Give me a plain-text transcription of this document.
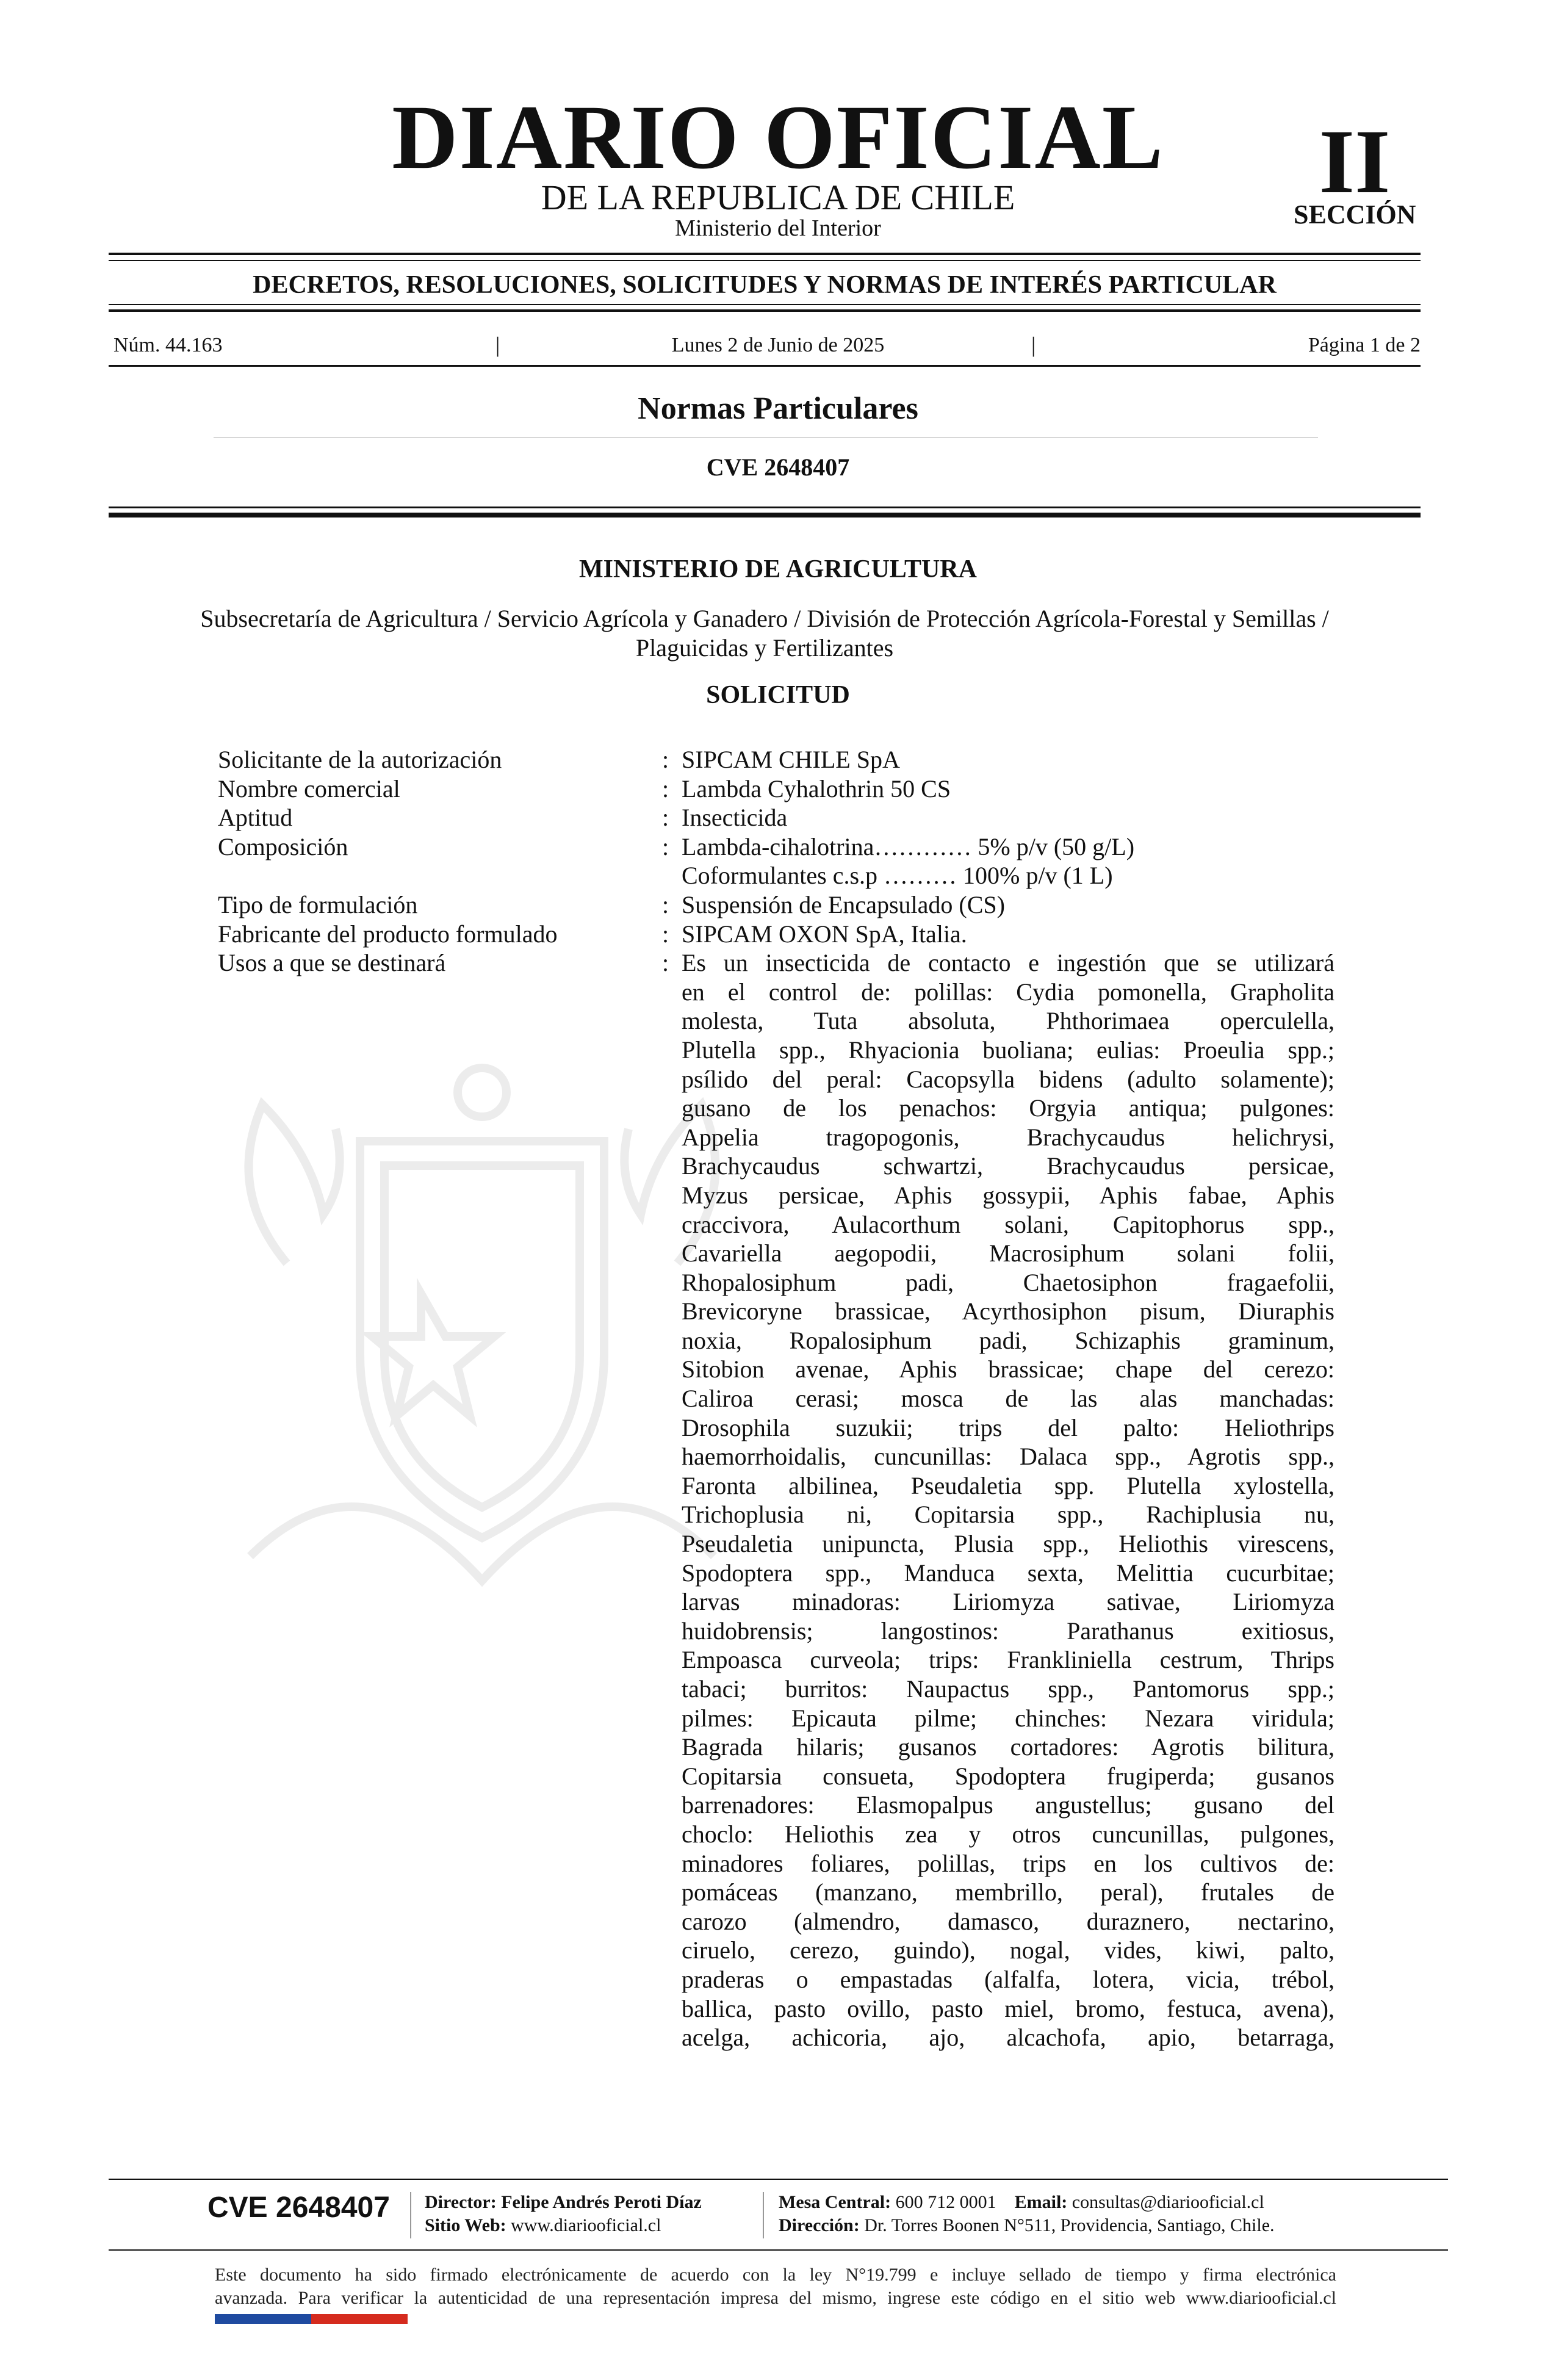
DIARIO OFICIAL
DE LA REPUBLICA DE CHILE
Ministerio del Interior
II
SECCIÓN
DECRETOS, RESOLUCIONES, SOLICITUDES Y NORMAS DE INTERÉS PARTICULAR
Núm. 44.163	|	Lunes 2 de Junio de 2025	|	Página 1 de 2
Normas Particulares
CVE 2648407
MINISTERIO DE AGRICULTURA
Subsecretaría de Agricultura / Servicio Agrícola y Ganadero / División de Protección Agrícola-Forestal y Semillas /
Plaguicidas y Fertilizantes
SOLICITUD
Solicitante de la autorización	: SIPCAM CHILE SpA
Nombre comercial	: Lambda Cyhalothrin 50 CS
Aptitud	: Insecticida
Composición	: Lambda-cihalotrina………… 5% p/v (50 g/L)
Coformulantes c.s.p ……… 100% p/v (1 L)
Tipo de formulación	: Suspensión de Encapsulado (CS)
Fabricante del producto formulado	: SIPCAM OXON SpA, Italia.
Usos a que se destinará	: Es un insecticida de contacto e ingestión que se utilizará
en el control de: polillas: Cydia pomonella, Grapholita
molesta, Tuta absoluta, Phthorimaea operculella,
Plutella spp., Rhyacionia buoliana; eulias: Proeulia spp.;
psílido del peral: Cacopsylla bidens (adulto solamente);
gusano de los penachos: Orgyia antiqua; pulgones:
Appelia tragopogonis, Brachycaudus helichrysi,
Brachycaudus schwartzi, Brachycaudus persicae,
Myzus persicae, Aphis gossypii, Aphis fabae, Aphis
craccivora, Aulacorthum solani, Capitophorus spp.,
Cavariella aegopodii, Macrosiphum solani folii,
Rhopalosiphum padi, Chaetosiphon fragaefolii,
Brevicoryne brassicae, Acyrthosiphon pisum, Diuraphis
noxia, Ropalosiphum padi, Schizaphis graminum,
Sitobion avenae, Aphis brassicae; chape del cerezo:
Caliroa cerasi; mosca de las alas manchadas:
Drosophila suzukii; trips del palto: Heliothrips
haemorrhoidalis, cuncunillas: Dalaca spp., Agrotis spp.,
Faronta albilinea, Pseudaletia spp. Plutella xylostella,
Trichoplusia ni, Copitarsia spp., Rachiplusia nu,
Pseudaletia unipuncta, Plusia spp., Heliothis virescens,
Spodoptera spp., Manduca sexta, Melittia cucurbitae;
larvas minadoras: Liriomyza sativae, Liriomyza
huidobrensis; langostinos: Parathanus exitiosus,
Empoasca curveola; trips: Frankliniella cestrum, Thrips
tabaci; burritos: Naupactus spp., Pantomorus spp.;
pilmes: Epicauta pilme; chinches: Nezara viridula;
Bagrada hilaris; gusanos cortadores: Agrotis bilitura,
Copitarsia consueta, Spodoptera frugiperda; gusanos
barrenadores: Elasmopalpus angustellus; gusano del
choclo: Heliothis zea y otros cuncunillas, pulgones,
minadores foliares, polillas, trips en los cultivos de:
pomáceas (manzano, membrillo, peral), frutales de
carozo (almendro, damasco, duraznero, nectarino,
ciruelo, cerezo, guindo), nogal, vides, kiwi, palto,
praderas o empastadas (alfalfa, lotera, vicia, trébol,
ballica, pasto ovillo, pasto miel, bromo, festuca, avena),
acelga, achicoria, ajo, alcachofa, apio, betarraga,
CVE 2648407 Director: Felipe Andrés Peroti Díaz
Sitio Web: www.diariooficial.cl
Mesa Central: 600 712 0001 Email: consultas@diariooficial.cl
Dirección: Dr. Torres Boonen N°511, Providencia, Santiago, Chile.
Este documento ha sido firmado electrónicamente de acuerdo con la ley N°19.799 e incluye sellado de tiempo y firma electrónica
avanzada. Para verificar la autenticidad de una representación impresa del mismo, ingrese este código en el sitio web www.diariooficial.cl
